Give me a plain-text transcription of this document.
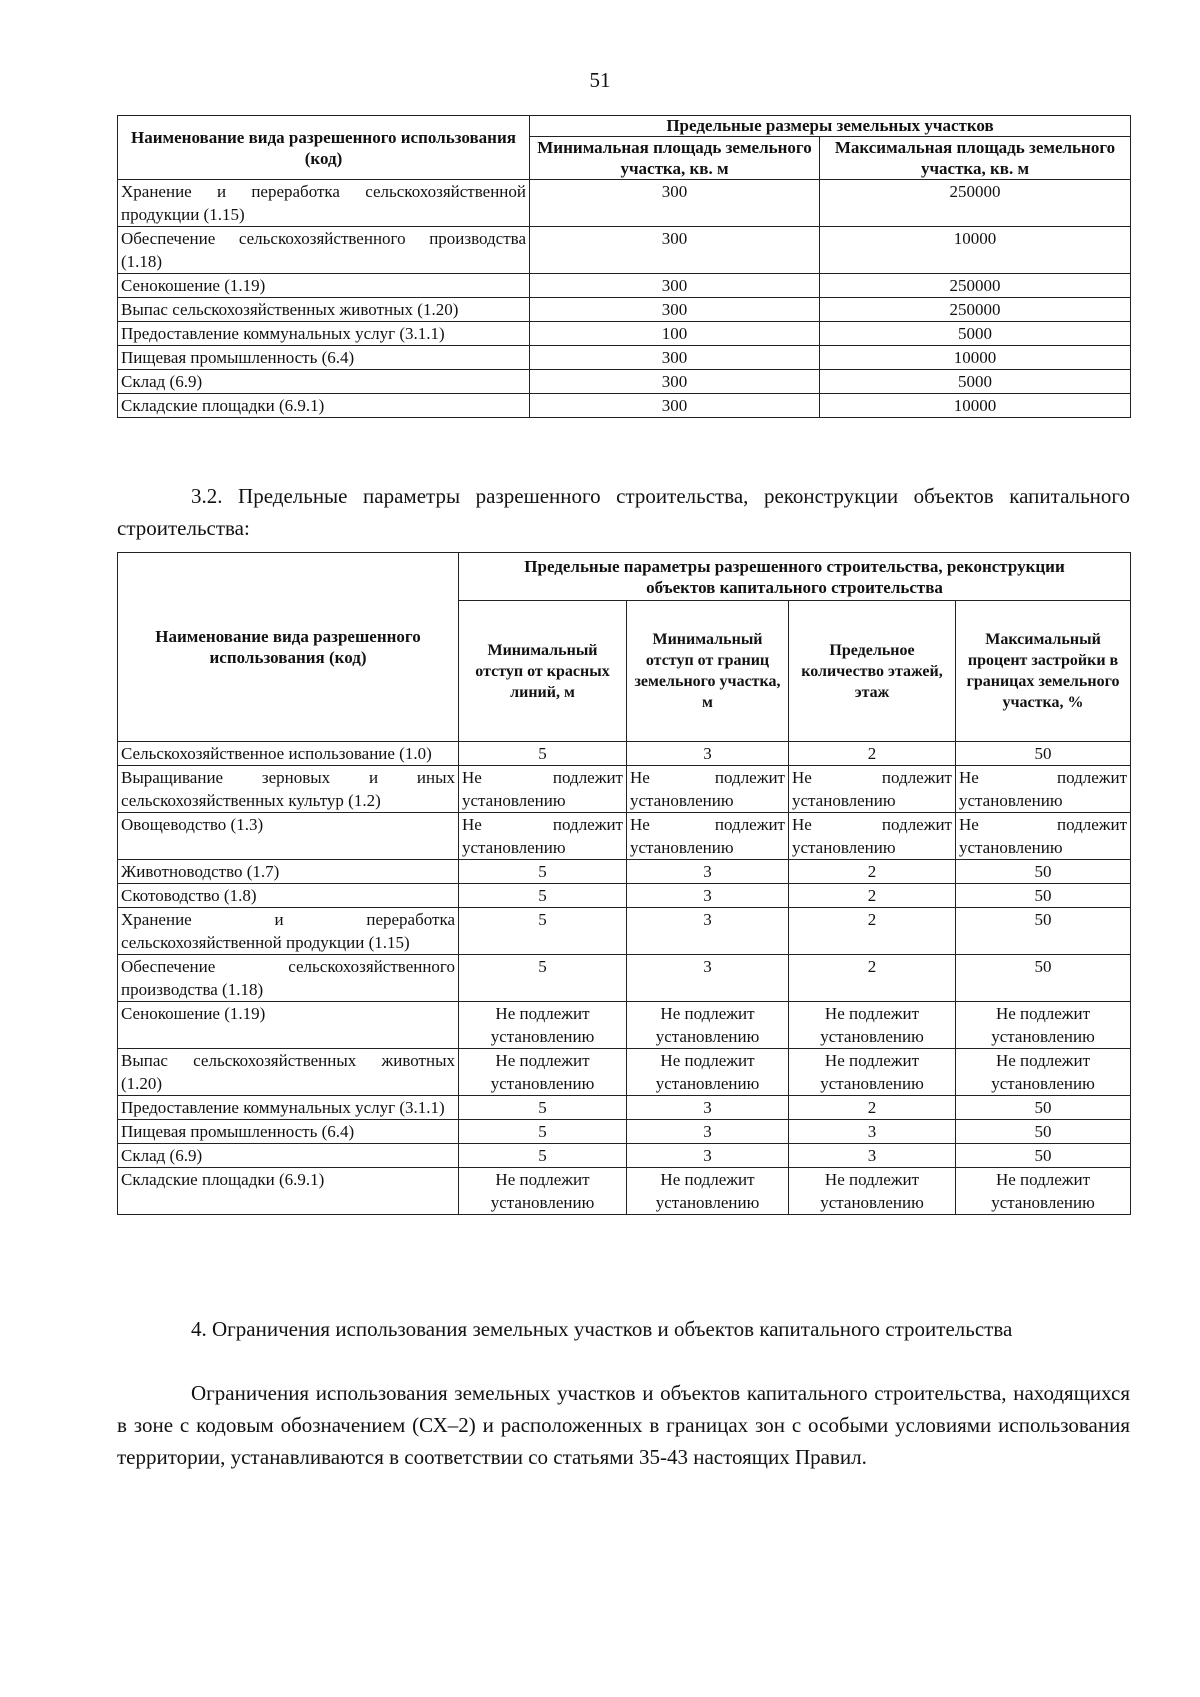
51
Наименование вида разрешенного использования (код)	Предельные размеры земельных участков	
	Минимальная площадь земельного участка, кв. м	Максимальная площадь земельного участка, кв. м
Хранение и переработка сельскохозяйственной продукции (1.15)	300	250000
Обеспечение сельскохозяйственного производства (1.18)	300	10000
Сенокошение (1.19)	300	250000
Выпас сельскохозяйственных животных (1.20)	300	250000
Предоставление коммунальных услуг (3.1.1)	100	5000
Пищевая промышленность (6.4)	300	10000
Склад (6.9)	300	5000
Складские площадки (6.9.1)	300	10000
3.2. Предельные параметры разрешенного строительства, реконструкции объектов капитального строительства:
Наименование вида разрешенного использования (код)	Предельные параметры разрешенного строительства, реконструкции объектов капитального строительства			
	Минимальный отступ от красных линий, м	Минимальный отступ от границ земельного участка, м	Предельное количество этажей, этаж	Максимальный процент застройки в границах земельного участка, %
Сельскохозяйственное использование (1.0)	5	3	2	50
Выращивание зерновых и иных сельскохозяйственных культур (1.2)	Не подлежит установлению	Не подлежит установлению	Не подлежит установлению	Не подлежит установлению
Овощеводство (1.3)	Не подлежит установлению	Не подлежит установлению	Не подлежит установлению	Не подлежит установлению
Животноводство (1.7)	5	3	2	50
Скотоводство (1.8)	5	3	2	50
Хранение и переработка сельскохозяйственной продукции (1.15)	5	3	2	50
Обеспечение сельскохозяйственного производства (1.18)	5	3	2	50
Сенокошение (1.19)	Не подлежит установлению	Не подлежит установлению	Не подлежит установлению	Не подлежит установлению
Выпас сельскохозяйственных животных (1.20)	Не подлежит установлению	Не подлежит установлению	Не подлежит установлению	Не подлежит установлению
Предоставление коммунальных услуг (3.1.1)	5	3	2	50
Пищевая промышленность (6.4)	5	3	3	50
Склад (6.9)	5	3	3	50
Складские площадки (6.9.1)	Не подлежит установлению	Не подлежит установлению	Не подлежит установлению	Не подлежит установлению
4. Ограничения использования земельных участков и объектов капитального строительства
Ограничения использования земельных участков и объектов капитального строительства, находящихся в зоне с кодовым обозначением (СХ–2) и расположенных в границах зон с особыми условиями использования территории, устанавливаются в соответствии со статьями 35-43 настоящих Правил.
